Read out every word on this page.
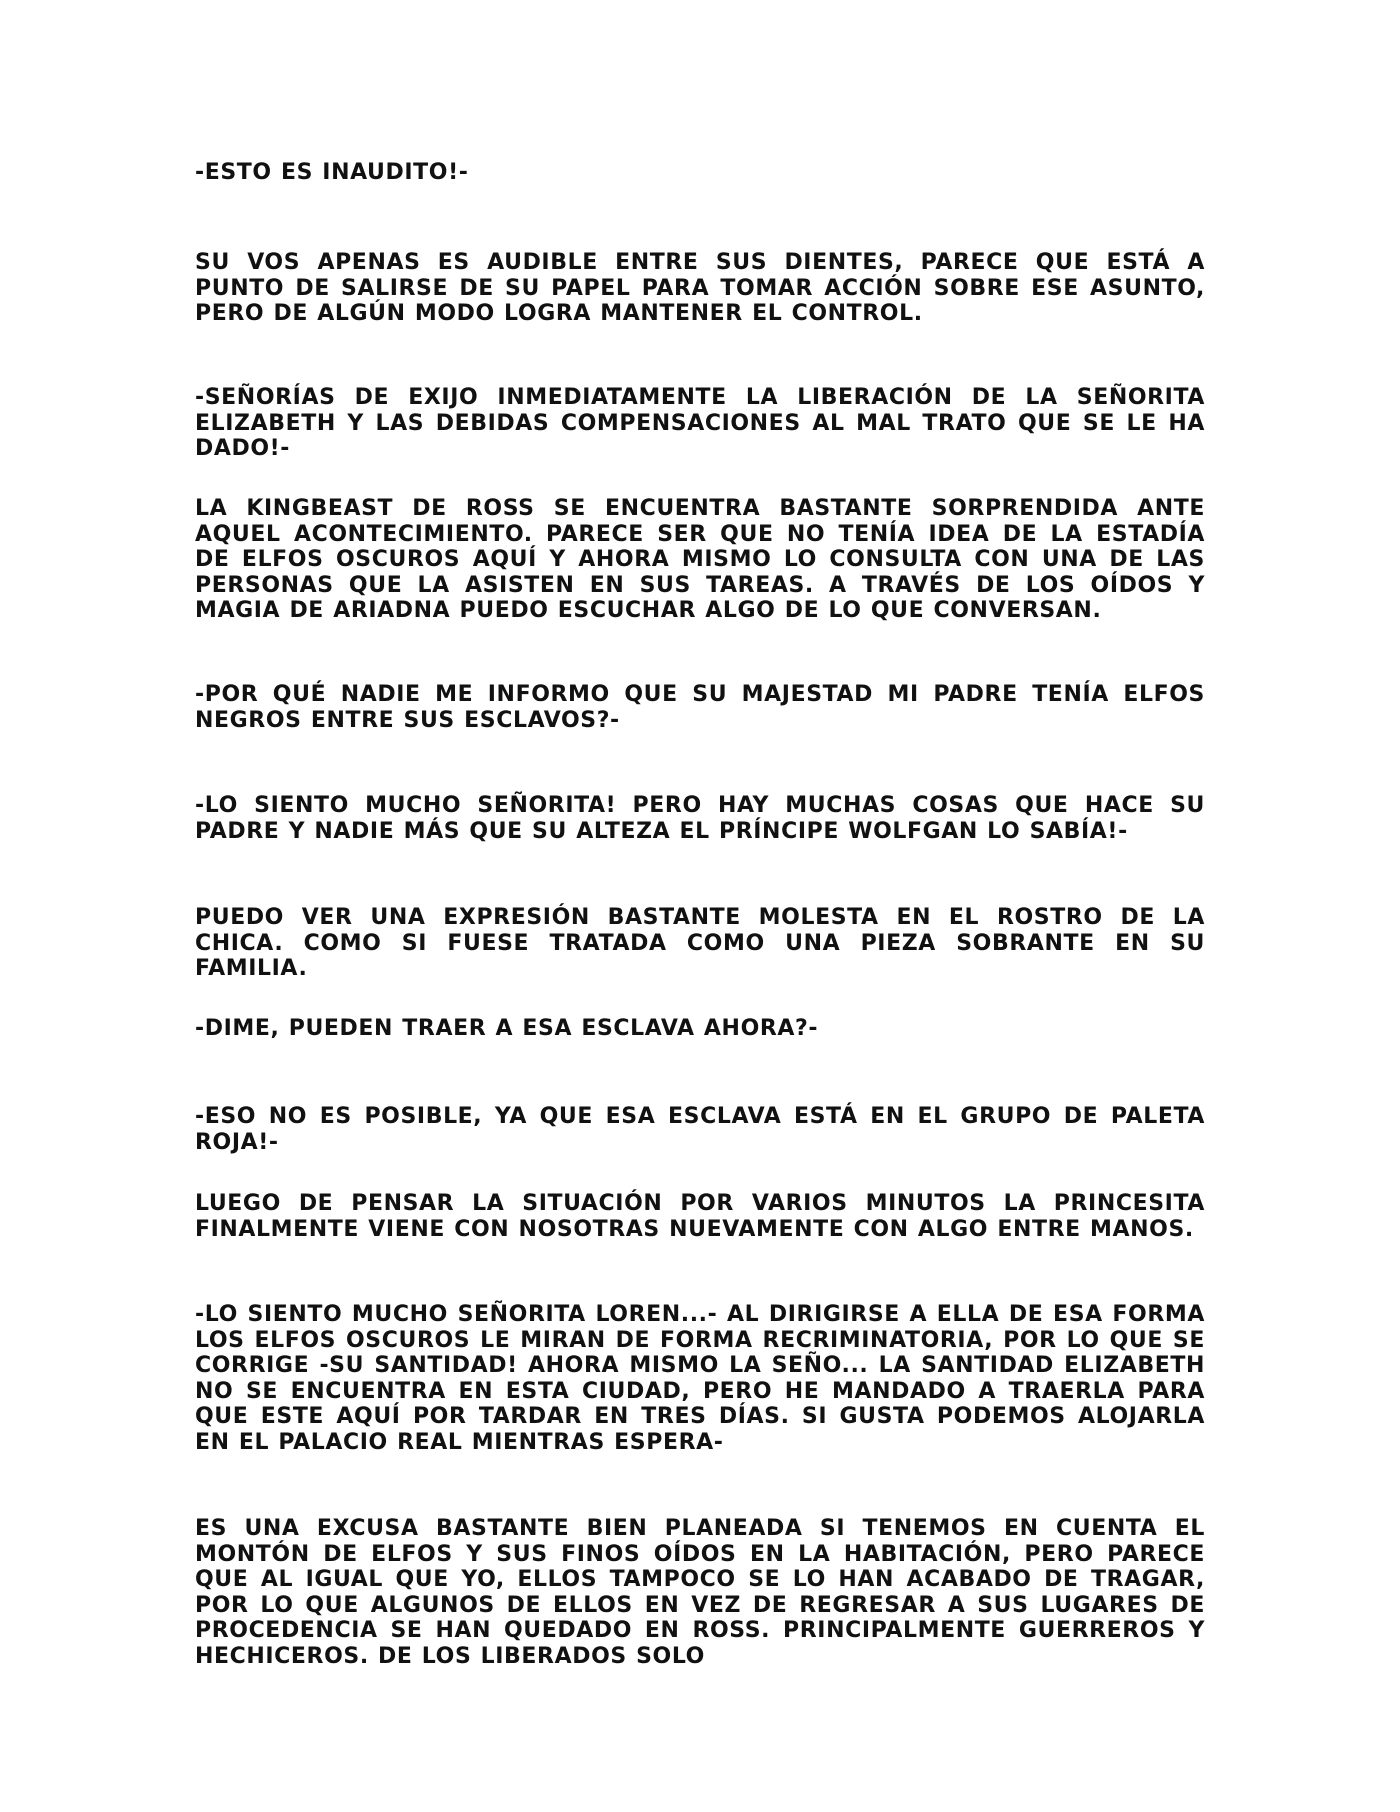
-ESTO ES INAUDITO!-

SU VOS APENAS ES AUDIBLE ENTRE SUS DIENTES, PARECE QUE ESTÁ A PUNTO DE SALIRSE DE SU PAPEL PARA TOMAR ACCIÓN SOBRE ESE ASUNTO, PERO DE ALGÚN MODO LOGRA MANTENER EL CONTROL.

-SEÑORÍAS DE EXIJO INMEDIATAMENTE LA LIBERACIÓN DE LA SEÑORITA ELIZABETH Y LAS DEBIDAS COMPENSACIONES AL MAL TRATO QUE SE LE HA DADO!-

LA KINGBEAST DE ROSS SE ENCUENTRA BASTANTE SORPRENDIDA ANTE AQUEL ACONTECIMIENTO. PARECE SER QUE NO TENÍA IDEA DE LA ESTADÍA DE ELFOS OSCUROS AQUÍ Y AHORA MISMO LO CONSULTA CON UNA DE LAS PERSONAS QUE LA ASISTEN EN SUS TAREAS. A TRAVÉS DE LOS OÍDOS Y MAGIA DE ARIADNA PUEDO ESCUCHAR ALGO DE LO QUE CONVERSAN.

-POR QUÉ NADIE ME INFORMO QUE SU MAJESTAD MI PADRE TENÍA ELFOS NEGROS ENTRE SUS ESCLAVOS?-

-LO SIENTO MUCHO SEÑORITA! PERO HAY MUCHAS COSAS QUE HACE SU PADRE Y NADIE MÁS QUE SU ALTEZA EL PRÍNCIPE WOLFGAN LO SABÍA!-

PUEDO VER UNA EXPRESIÓN BASTANTE MOLESTA EN EL ROSTRO DE LA CHICA. COMO SI FUESE TRATADA COMO UNA PIEZA SOBRANTE EN SU FAMILIA.

-DIME, PUEDEN TRAER A ESA ESCLAVA AHORA?-

-ESO NO ES POSIBLE, YA QUE ESA ESCLAVA ESTÁ EN EL GRUPO DE PALETA ROJA!-

LUEGO DE PENSAR LA SITUACIÓN POR VARIOS MINUTOS LA PRINCESITA FINALMENTE VIENE CON NOSOTRAS NUEVAMENTE CON ALGO ENTRE MANOS.

-LO SIENTO MUCHO SEÑORITA LOREN...- AL DIRIGIRSE A ELLA DE ESA FORMA LOS ELFOS OSCUROS LE MIRAN DE FORMA RECRIMINATORIA, POR LO QUE SE CORRIGE -SU SANTIDAD! AHORA MISMO LA SEÑO... LA SANTIDAD ELIZABETH NO SE ENCUENTRA EN ESTA CIUDAD, PERO HE MANDADO A TRAERLA PARA QUE ESTE AQUÍ POR TARDAR EN TRES DÍAS. SI GUSTA PODEMOS ALOJARLA EN EL PALACIO REAL MIENTRAS ESPERA-

ES UNA EXCUSA BASTANTE BIEN PLANEADA SI TENEMOS EN CUENTA EL MONTÓN DE ELFOS Y SUS FINOS OÍDOS EN LA HABITACIÓN, PERO PARECE QUE AL IGUAL QUE YO, ELLOS TAMPOCO SE LO HAN ACABADO DE TRAGAR, POR LO QUE ALGUNOS DE ELLOS EN VEZ DE REGRESAR A SUS LUGARES DE PROCEDENCIA SE HAN QUEDADO EN ROSS. PRINCIPALMENTE GUERREROS Y HECHICEROS. DE LOS LIBERADOS SOLO
